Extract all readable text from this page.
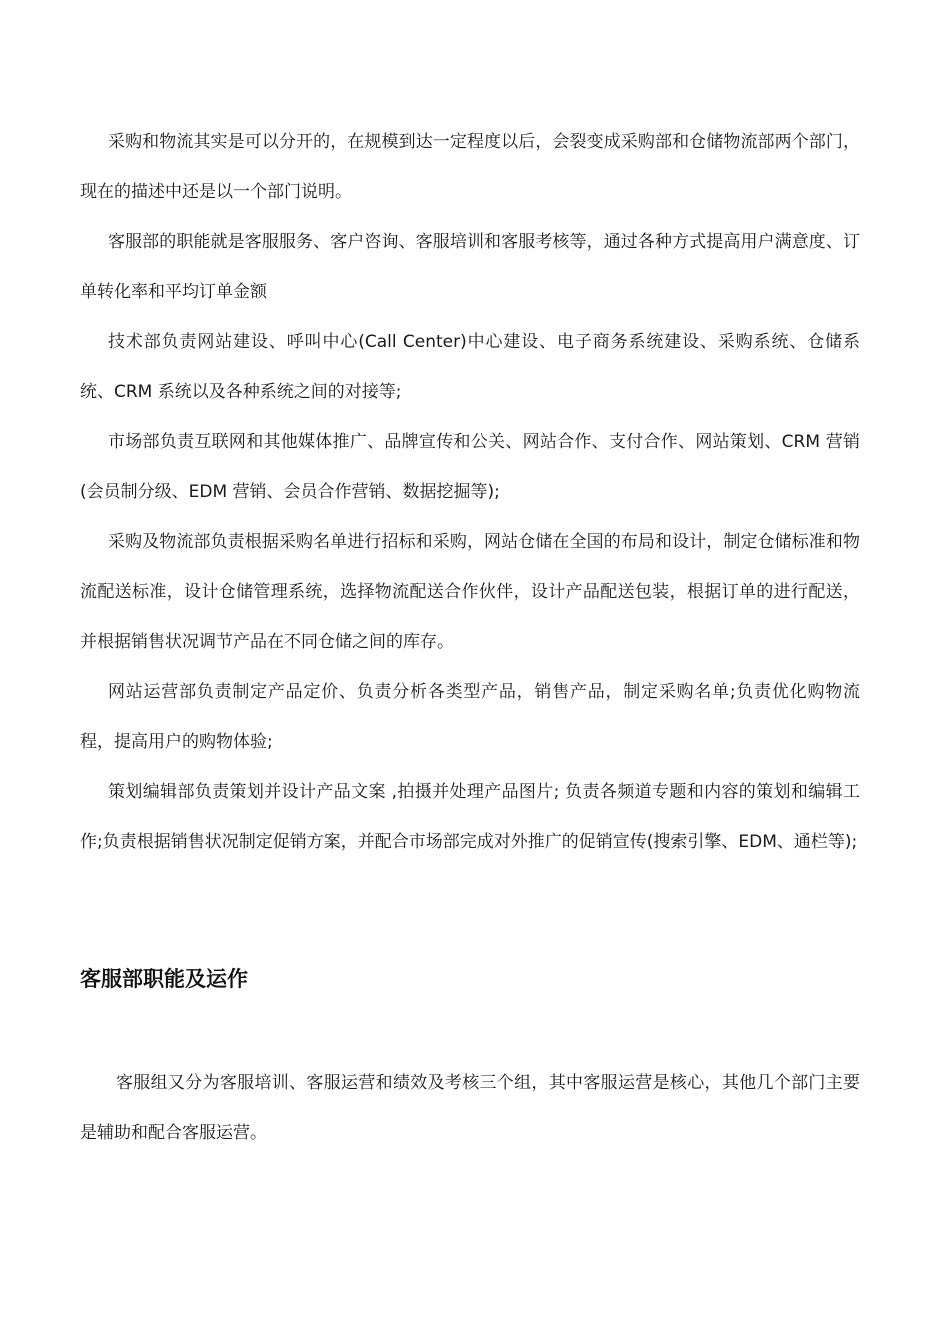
采购和物流其实是可以分开的，在规模到达一定程度以后，会裂变成采购部和仓储物流部两个部门，现在的描述中还是以一个部门说明。

客服部的职能就是客服服务、客户咨询、客服培训和客服考核等，通过各种方式提高用户满意度、订单转化率和平均订单金额

技术部负责网站建设、呼叫中心(Call Center)中心建设、电子商务系统建设、采购系统、仓储系统、CRM 系统以及各种系统之间的对接等;

市场部负责互联网和其他媒体推广、品牌宣传和公关、网站合作、支付合作、网站策划、CRM 营销(会员制分级、EDM 营销、会员合作营销、数据挖掘等);

采购及物流部负责根据采购名单进行招标和采购，网站仓储在全国的布局和设计，制定仓储标准和物流配送标准，设计仓储管理系统，选择物流配送合作伙伴，设计产品配送包装，根据订单的进行配送，并根据销售状况调节产品在不同仓储之间的库存。

网站运营部负责制定产品定价、负责分析各类型产品，销售产品，制定采购名单;负责优化购物流程，提高用户的购物体验;

策划编辑部负责策划并设计产品文案 ,拍摄并处理产品图片; 负责各频道专题和内容的策划和编辑工作;负责根据销售状况制定促销方案，并配合市场部完成对外推广的促销宣传(搜索引擎、EDM、通栏等);

客服部职能及运作

客服组又分为客服培训、客服运营和绩效及考核三个组，其中客服运营是核心，其他几个部门主要是辅助和配合客服运营。
